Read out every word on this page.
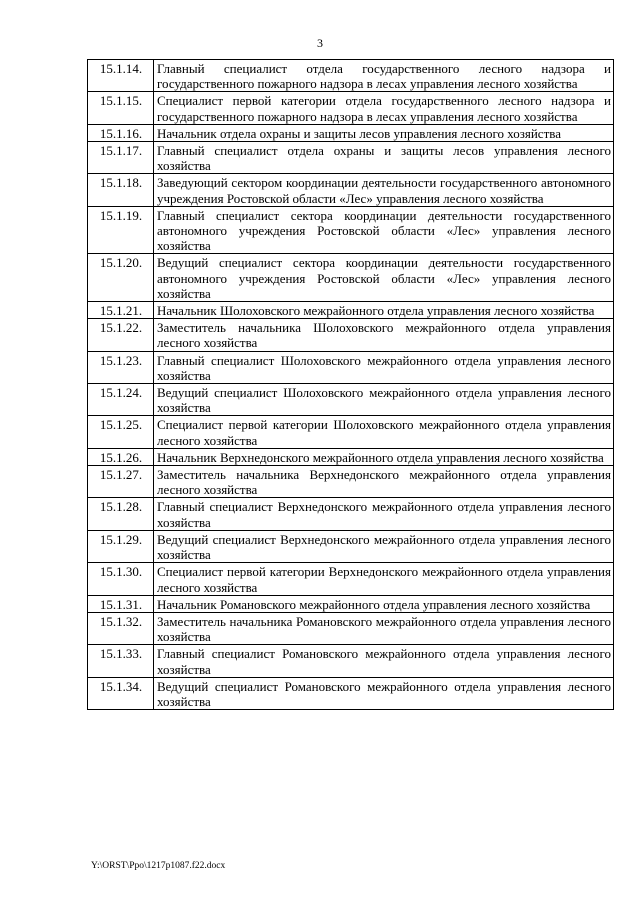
3
15.1.14.	Главный специалист отдела государственного лесного надзора и государственного пожарного надзора в лесах управления лесного хозяйства
15.1.15.	Специалист первой категории отдела государственного лесного надзора и государственного пожарного надзора в лесах управления лесного хозяйства
15.1.16.	Начальник отдела охраны и защиты лесов управления лесного хозяйства
15.1.17.	Главный специалист отдела охраны и защиты лесов управления лесного хозяйства
15.1.18.	Заведующий сектором координации деятельности государственного автономного учреждения Ростовской области «Лес» управления лесного хозяйства
15.1.19.	Главный специалист сектора координации деятельности государственного автономного учреждения Ростовской области «Лес» управления лесного хозяйства
15.1.20.	Ведущий специалист сектора координации деятельности государственного автономного учреждения Ростовской области «Лес» управления лесного хозяйства
15.1.21.	Начальник Шолоховского межрайонного отдела управления лесного хозяйства
15.1.22.	Заместитель начальника Шолоховского межрайонного отдела управления лесного хозяйства
15.1.23.	Главный специалист Шолоховского межрайонного отдела управления лесного хозяйства
15.1.24.	Ведущий специалист Шолоховского межрайонного отдела управления лесного хозяйства
15.1.25.	Специалист первой категории Шолоховского межрайонного отдела управления лесного хозяйства
15.1.26.	Начальник Верхнедонского межрайонного отдела управления лесного хозяйства
15.1.27.	Заместитель начальника Верхнедонского межрайонного отдела управления лесного хозяйства
15.1.28.	Главный специалист Верхнедонского межрайонного отдела управления лесного хозяйства
15.1.29.	Ведущий специалист Верхнедонского межрайонного отдела управления лесного хозяйства
15.1.30.	Специалист первой категории Верхнедонского межрайонного отдела управления лесного хозяйства
15.1.31.	Начальник Романовского межрайонного отдела управления лесного хозяйства
15.1.32.	Заместитель начальника Романовского межрайонного отдела управления лесного хозяйства
15.1.33.	Главный специалист Романовского межрайонного отдела управления лесного хозяйства
15.1.34.	Ведущий специалист Романовского межрайонного отдела управления лесного хозяйства
Y:\ORST\Ppo\1217p1087.f22.docx
